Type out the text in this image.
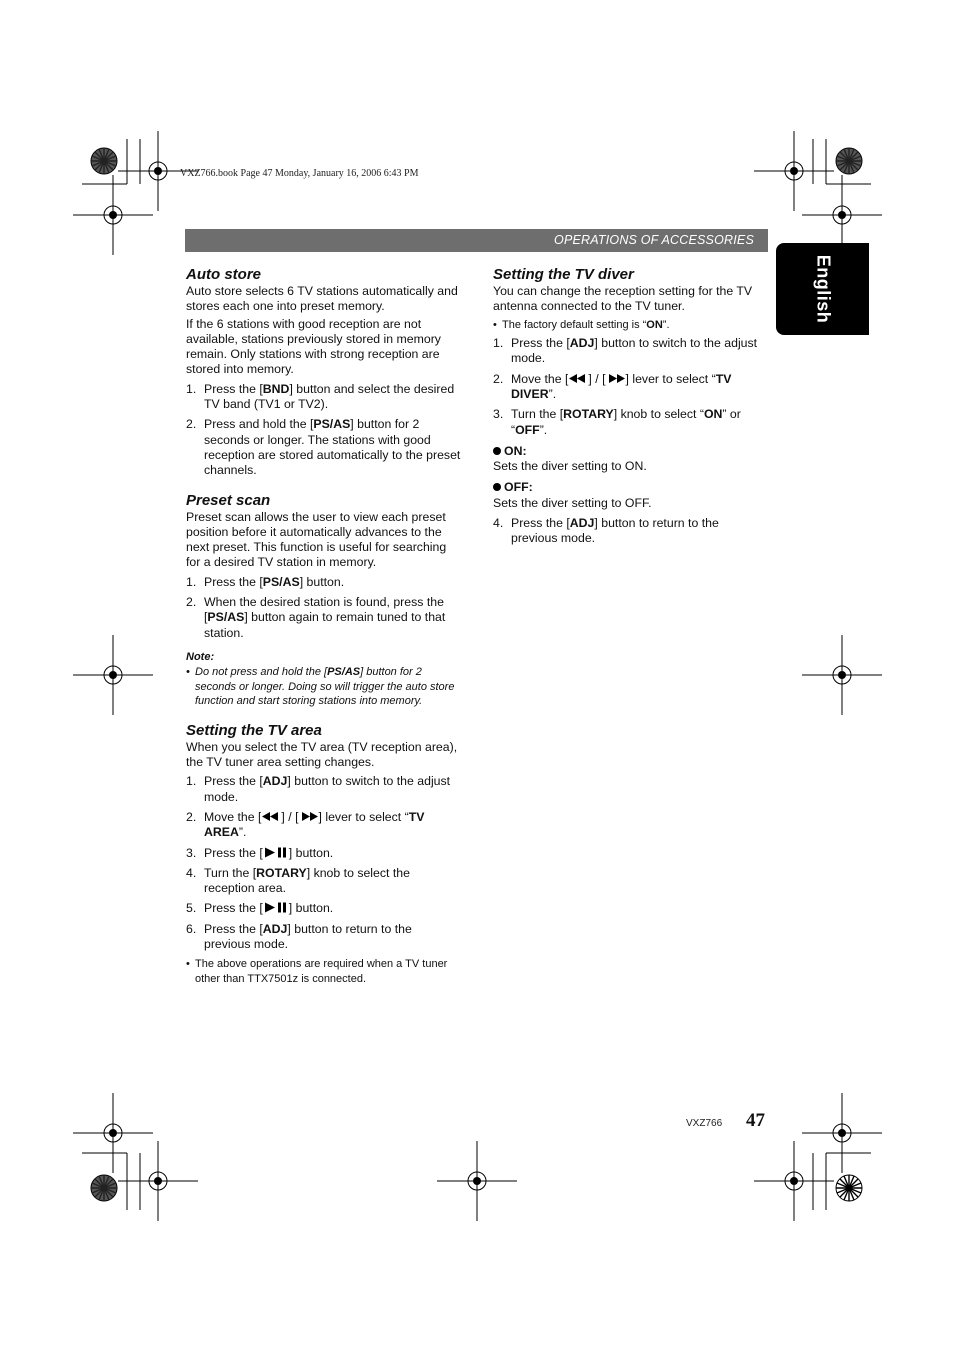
VXZ766.book Page 47 Monday, January 16, 2006 6:43 PM
OPERATIONS OF ACCESSORIES
English
Auto store

Auto store selects 6 TV stations automatically and stores each one into preset memory.

If the 6 stations with good reception are not available, stations previously stored in memory remain. Only stations with strong reception are stored into memory.

1. Press the [BND] button and select the desired TV band (TV1 or TV2).
2. Press and hold the [PS/AS] button for 2 seconds or longer. The stations with good reception are stored automatically to the preset channels.
Preset scan

Preset scan allows the user to view each preset position before it automatically advances to the next preset. This function is useful for searching for a desired TV station in memory.

1. Press the [PS/AS] button.
2. When the desired station is found, press the [PS/AS] button again to remain tuned to that station.
Note:
• Do not press and hold the [PS/AS] button for 2 seconds or longer. Doing so will trigger the auto store function and start storing stations into memory.
Setting the TV area

When you select the TV area (TV reception area), the TV tuner area setting changes.

1. Press the [ADJ] button to switch to the adjust mode.
2. Move the [ ] / [ ] lever to select “TV AREA”.
3. Press the [ ] button.
4. Turn the [ROTARY] knob to select the reception area.
5. Press the [ ] button.
6. Press the [ADJ] button to return to the previous mode.
• The above operations are required when a TV tuner other than TTX7501z is connected.
Setting the TV diver

You can change the reception setting for the TV antenna connected to the TV tuner.

• The factory default setting is “ON”.
1. Press the [ADJ] button to switch to the adjust mode.
2. Move the [ ] / [ ] lever to select “TV DIVER”.
3. Turn the [ROTARY] knob to select “ON” or “OFF”.
ON:

Sets the diver setting to ON.

OFF:

Sets the diver setting to OFF.

4. Press the [ADJ] button to return to the previous mode.
VXZ766 47
